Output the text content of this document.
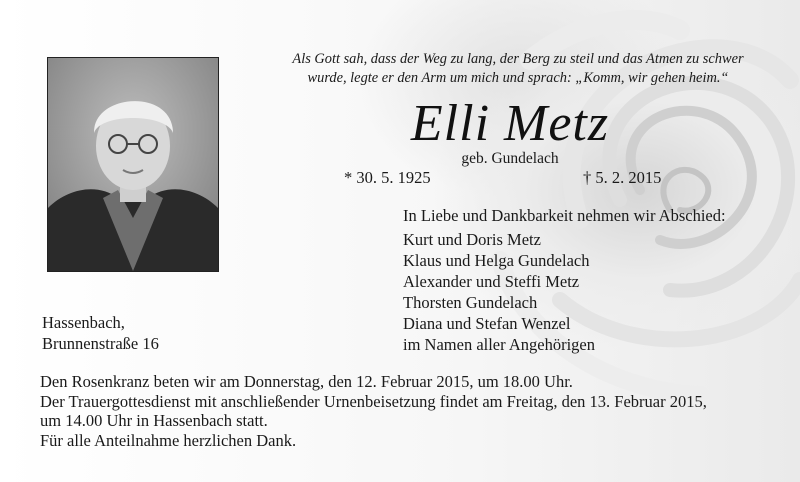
Als Gott sah, dass der Weg zu lang, der Berg zu steil und das Atmen zu schwer
wurde, legte er den Arm um mich und sprach: „Komm, wir gehen heim.“
Elli Metz
geb. Gundelach
* 30. 5. 1925	† 5. 2. 2015
In Liebe und Dankbarkeit nehmen wir Abschied:
Kurt und Doris Metz
Klaus und Helga Gundelach
Alexander und Steffi Metz
Thorsten Gundelach
Diana und Stefan Wenzel
im Namen aller Angehörigen
Hassenbach,
Brunnenstraße 16
Den Rosenkranz beten wir am Donnerstag, den 12. Februar 2015, um 18.00 Uhr.
Der Trauergottesdienst mit anschließender Urnenbeisetzung findet am Freitag, den 13. Februar 2015,
um 14.00 Uhr in Hassenbach statt.
Für alle Anteilnahme herzlichen Dank.
